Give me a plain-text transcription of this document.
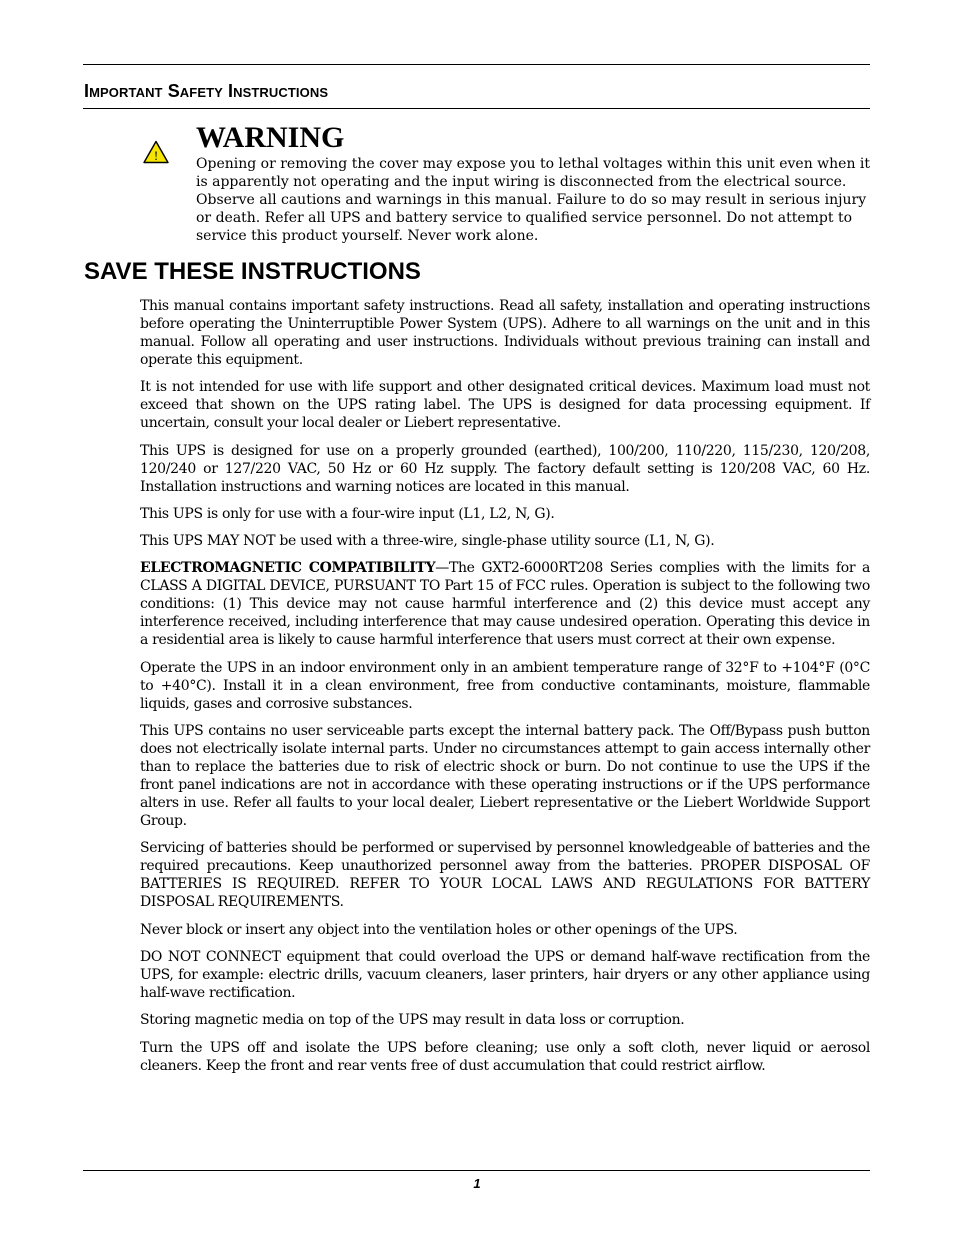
Important Safety Instructions
!
WARNING

Opening or removing the cover may expose you to lethal voltages within this unit even when it is apparently not operating and the input wiring is disconnected from the electrical source. Observe all cautions and warnings in this manual. Failure to do so may result in serious injury or death. Refer all UPS and battery service to qualified service personnel. Do not attempt to service this product yourself. Never work alone.

SAVE THESE INSTRUCTIONS

This manual contains important safety instructions. Read all safety, installation and operating instructions before operating the Uninterruptible Power System (UPS). Adhere to all warnings on the unit and in this manual. Follow all operating and user instructions. Individuals without previous training can install and operate this equipment.

It is not intended for use with life support and other designated critical devices. Maximum load must not exceed that shown on the UPS rating label. The UPS is designed for data processing equipment. If uncertain, consult your local dealer or Liebert representative.

This UPS is designed for use on a properly grounded (earthed), 100/200, 110/220, 115/230, 120/208, 120/240 or 127/220 VAC, 50 Hz or 60 Hz supply. The factory default setting is 120/208 VAC, 60 Hz. Installation instructions and warning notices are located in this manual.

This UPS is only for use with a four-wire input (L1, L2, N, G).

This UPS MAY NOT be used with a three-wire, single-phase utility source (L1, N, G).

ELECTROMAGNETIC COMPATIBILITY—The GXT2-6000RT208 Series complies with the limits for a CLASS A DIGITAL DEVICE, PURSUANT TO Part 15 of FCC rules. Operation is subject to the following two conditions: (1) This device may not cause harmful interference and (2) this device must accept any interference received, including interference that may cause undesired operation. Operating this device in a residential area is likely to cause harmful interference that users must correct at their own expense.

Operate the UPS in an indoor environment only in an ambient temperature range of 32°F to +104°F (0°C to +40°C). Install it in a clean environment, free from conductive contaminants, moisture, flammable liquids, gases and corrosive substances.

This UPS contains no user serviceable parts except the internal battery pack. The Off/Bypass push button does not electrically isolate internal parts. Under no circumstances attempt to gain access internally other than to replace the batteries due to risk of electric shock or burn. Do not continue to use the UPS if the front panel indications are not in accordance with these operating instructions or if the UPS performance alters in use. Refer all faults to your local dealer, Liebert representative or the Liebert Worldwide Support Group.

Servicing of batteries should be performed or supervised by personnel knowledgeable of batteries and the required precautions. Keep unauthorized personnel away from the batteries. PROPER DISPOSAL OF BATTERIES IS REQUIRED. REFER TO YOUR LOCAL LAWS AND REGULATIONS FOR BATTERY DISPOSAL REQUIREMENTS.

Never block or insert any object into the ventilation holes or other openings of the UPS.

DO NOT CONNECT equipment that could overload the UPS or demand half-wave rectification from the UPS, for example: electric drills, vacuum cleaners, laser printers, hair dryers or any other appliance using half-wave rectification.

Storing magnetic media on top of the UPS may result in data loss or corruption.

Turn the UPS off and isolate the UPS before cleaning; use only a soft cloth, never liquid or aerosol cleaners. Keep the front and rear vents free of dust accumulation that could restrict airflow.

1
